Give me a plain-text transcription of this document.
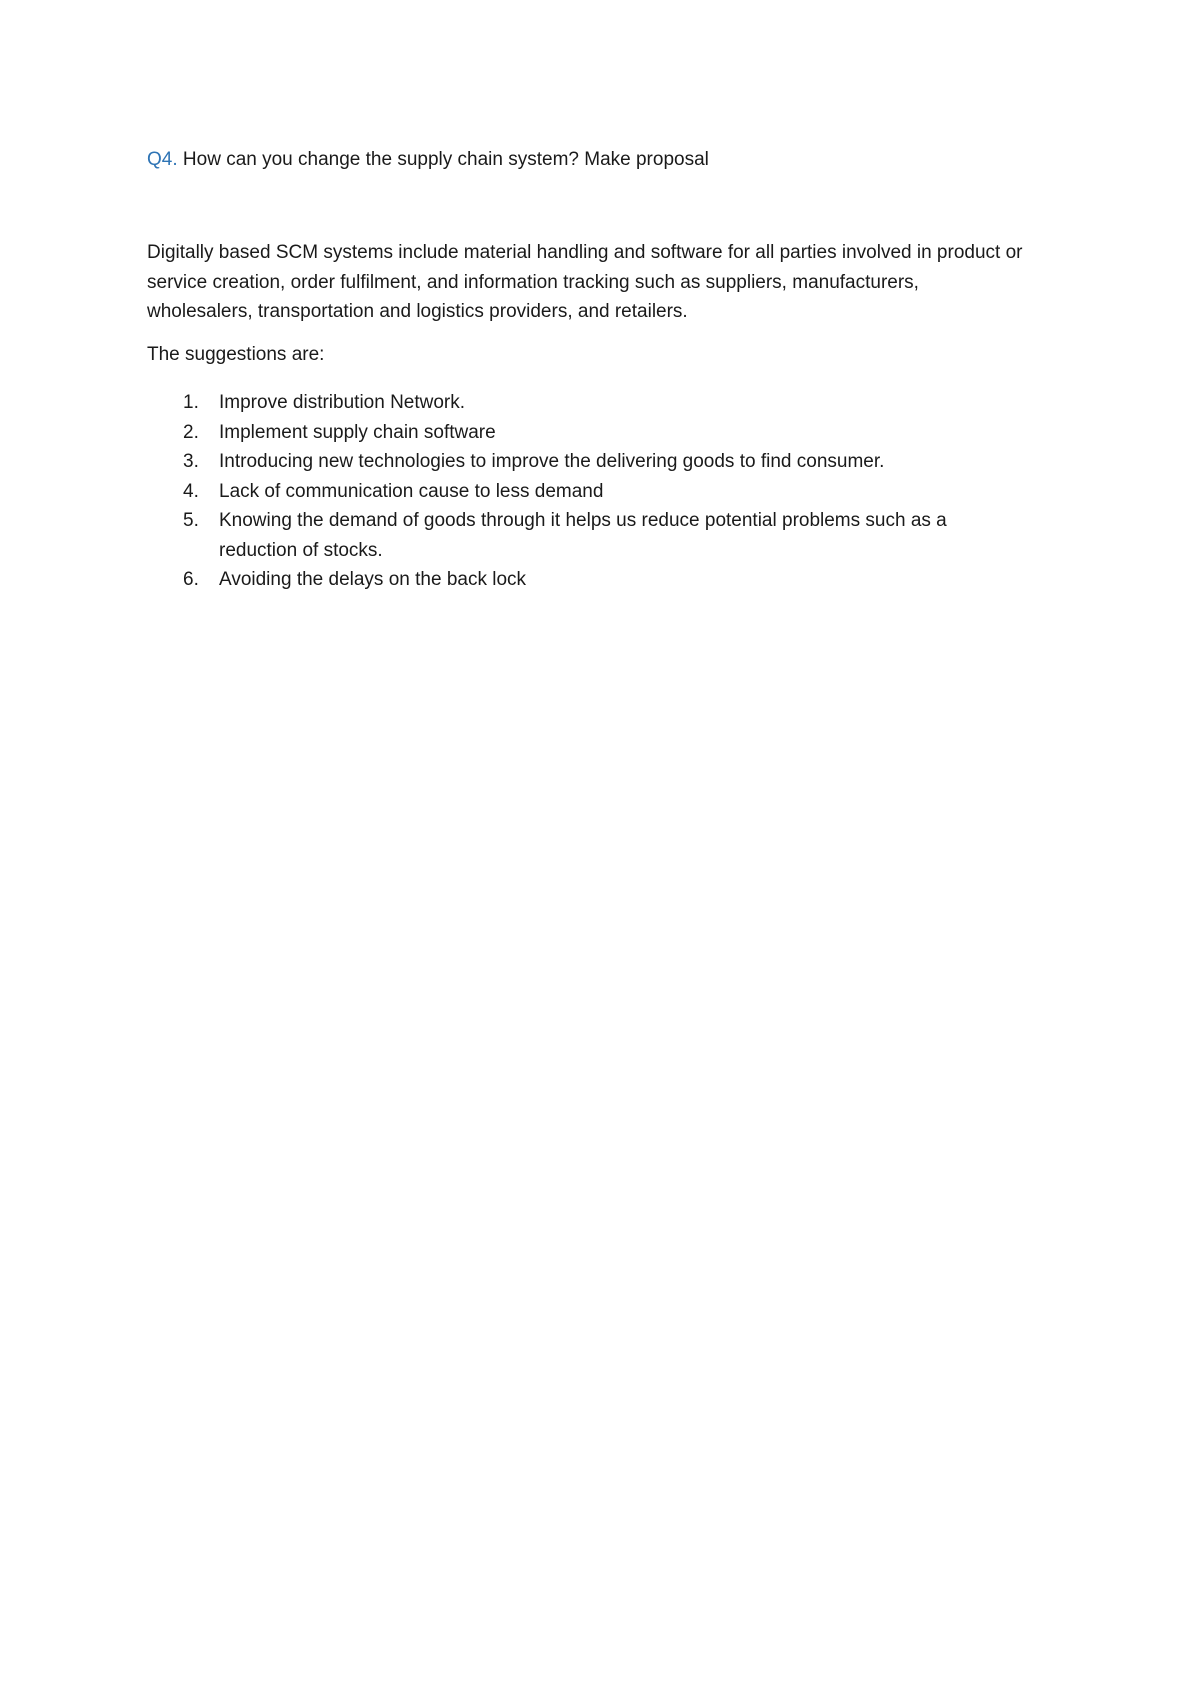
Q4. How can you change the supply chain system? Make proposal

Digitally based SCM systems include material handling and software for all parties involved in product or service creation, order fulfilment, and information tracking such as suppliers, manufacturers, wholesalers, transportation and logistics providers, and retailers.

The suggestions are:

1. Improve distribution Network.
2. Implement supply chain software
3. Introducing new technologies to improve the delivering goods to find consumer.
4. Lack of communication cause to less demand
5. Knowing the demand of goods through it helps us reduce potential problems such as a reduction of stocks.
6. Avoiding the delays on the back lock
